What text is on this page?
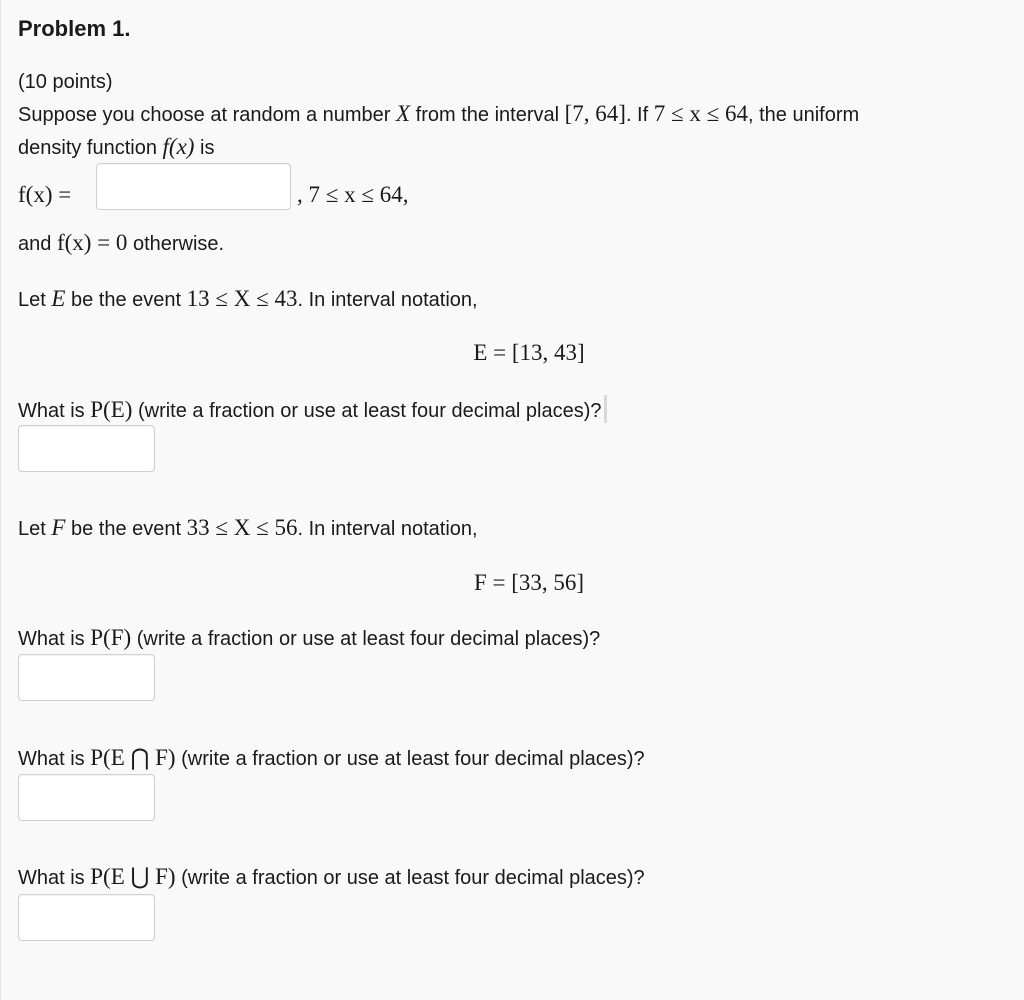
Problem 1.
(10 points)
Suppose you choose at random a number X from the interval [7, 64]. If 7 ≤ x ≤ 64, the uniform
density function f(x) is
f(x) =	, 7 ≤ x ≤ 64,
and f(x) = 0 otherwise.
Let E be the event 13 ≤ X ≤ 43. In interval notation,
E = [13, 43]
What is P(E) (write a fraction or use at least four decimal places)?
Let F be the event 33 ≤ X ≤ 56. In interval notation,
F = [33, 56]
What is P(F) (write a fraction or use at least four decimal places)?
What is P(E ⋂ F) (write a fraction or use at least four decimal places)?
What is P(E ⋃ F) (write a fraction or use at least four decimal places)?
